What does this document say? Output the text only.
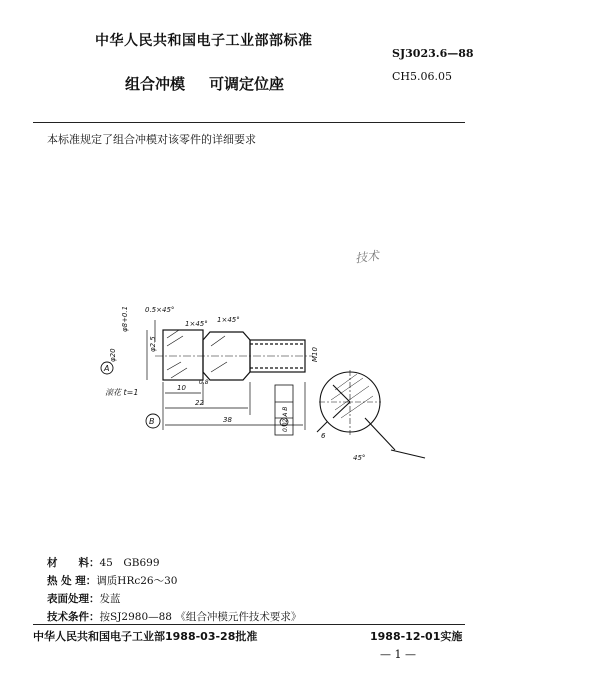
中华人民共和国电子工业部部标准
SJ3023.6—88
CH5.06.05
组合冲模 可调定位座
本标准规定了组合冲模对该零件的详细要求
技术
0.5×45°
1×45° 1×45°
φ8+0.1
φ2.5
φ20	M10
10
22
38
0.8
滚花 t=1
A
B	0.02 A B
6
45°
材　　料：45　GB699
热 处 理：调质HRc26～30
表面处理：发蓝
技术条件：按SJ2980—88 《组合冲模元件技术要求》
中华人民共和国电子工业部1988-03-28批准	1988-12-01实施
— 1 —
